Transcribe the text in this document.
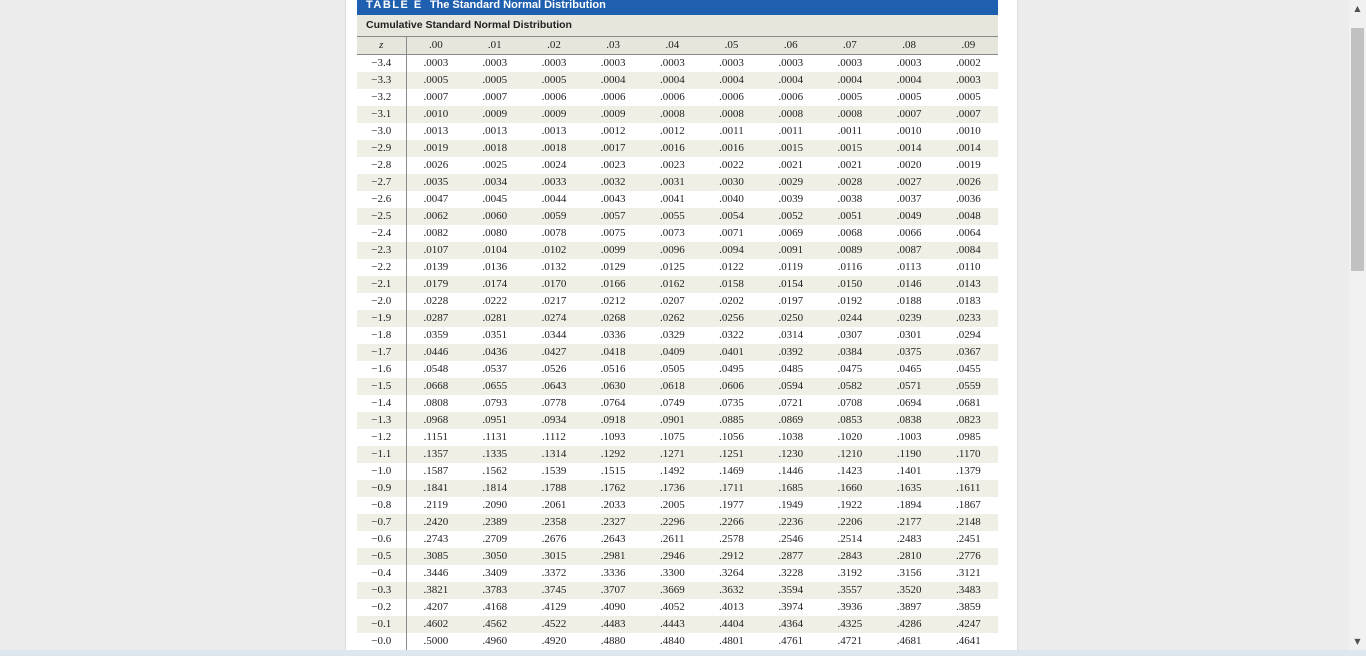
TABLE E The Standard Normal Distribution
Cumulative Standard Normal Distribution
z	.00	.01	.02	.03	.04	.05	.06	.07	.08	.09
−3.4	.0003	.0003	.0003	.0003	.0003	.0003	.0003	.0003	.0003	.0002
−3.3	.0005	.0005	.0005	.0004	.0004	.0004	.0004	.0004	.0004	.0003
−3.2	.0007	.0007	.0006	.0006	.0006	.0006	.0006	.0005	.0005	.0005
−3.1	.0010	.0009	.0009	.0009	.0008	.0008	.0008	.0008	.0007	.0007
−3.0	.0013	.0013	.0013	.0012	.0012	.0011	.0011	.0011	.0010	.0010
−2.9	.0019	.0018	.0018	.0017	.0016	.0016	.0015	.0015	.0014	.0014
−2.8	.0026	.0025	.0024	.0023	.0023	.0022	.0021	.0021	.0020	.0019
−2.7	.0035	.0034	.0033	.0032	.0031	.0030	.0029	.0028	.0027	.0026
−2.6	.0047	.0045	.0044	.0043	.0041	.0040	.0039	.0038	.0037	.0036
−2.5	.0062	.0060	.0059	.0057	.0055	.0054	.0052	.0051	.0049	.0048
−2.4	.0082	.0080	.0078	.0075	.0073	.0071	.0069	.0068	.0066	.0064
−2.3	.0107	.0104	.0102	.0099	.0096	.0094	.0091	.0089	.0087	.0084
−2.2	.0139	.0136	.0132	.0129	.0125	.0122	.0119	.0116	.0113	.0110
−2.1	.0179	.0174	.0170	.0166	.0162	.0158	.0154	.0150	.0146	.0143
−2.0	.0228	.0222	.0217	.0212	.0207	.0202	.0197	.0192	.0188	.0183
−1.9	.0287	.0281	.0274	.0268	.0262	.0256	.0250	.0244	.0239	.0233
−1.8	.0359	.0351	.0344	.0336	.0329	.0322	.0314	.0307	.0301	.0294
−1.7	.0446	.0436	.0427	.0418	.0409	.0401	.0392	.0384	.0375	.0367
−1.6	.0548	.0537	.0526	.0516	.0505	.0495	.0485	.0475	.0465	.0455
−1.5	.0668	.0655	.0643	.0630	.0618	.0606	.0594	.0582	.0571	.0559
−1.4	.0808	.0793	.0778	.0764	.0749	.0735	.0721	.0708	.0694	.0681
−1.3	.0968	.0951	.0934	.0918	.0901	.0885	.0869	.0853	.0838	.0823
−1.2	.1151	.1131	.1112	.1093	.1075	.1056	.1038	.1020	.1003	.0985
−1.1	.1357	.1335	.1314	.1292	.1271	.1251	.1230	.1210	.1190	.1170
−1.0	.1587	.1562	.1539	.1515	.1492	.1469	.1446	.1423	.1401	.1379
−0.9	.1841	.1814	.1788	.1762	.1736	.1711	.1685	.1660	.1635	.1611
−0.8	.2119	.2090	.2061	.2033	.2005	.1977	.1949	.1922	.1894	.1867
−0.7	.2420	.2389	.2358	.2327	.2296	.2266	.2236	.2206	.2177	.2148
−0.6	.2743	.2709	.2676	.2643	.2611	.2578	.2546	.2514	.2483	.2451
−0.5	.3085	.3050	.3015	.2981	.2946	.2912	.2877	.2843	.2810	.2776
−0.4	.3446	.3409	.3372	.3336	.3300	.3264	.3228	.3192	.3156	.3121
−0.3	.3821	.3783	.3745	.3707	.3669	.3632	.3594	.3557	.3520	.3483
−0.2	.4207	.4168	.4129	.4090	.4052	.4013	.3974	.3936	.3897	.3859
−0.1	.4602	.4562	.4522	.4483	.4443	.4404	.4364	.4325	.4286	.4247
−0.0	.5000	.4960	.4920	.4880	.4840	.4801	.4761	.4721	.4681	.4641
▲
▼
